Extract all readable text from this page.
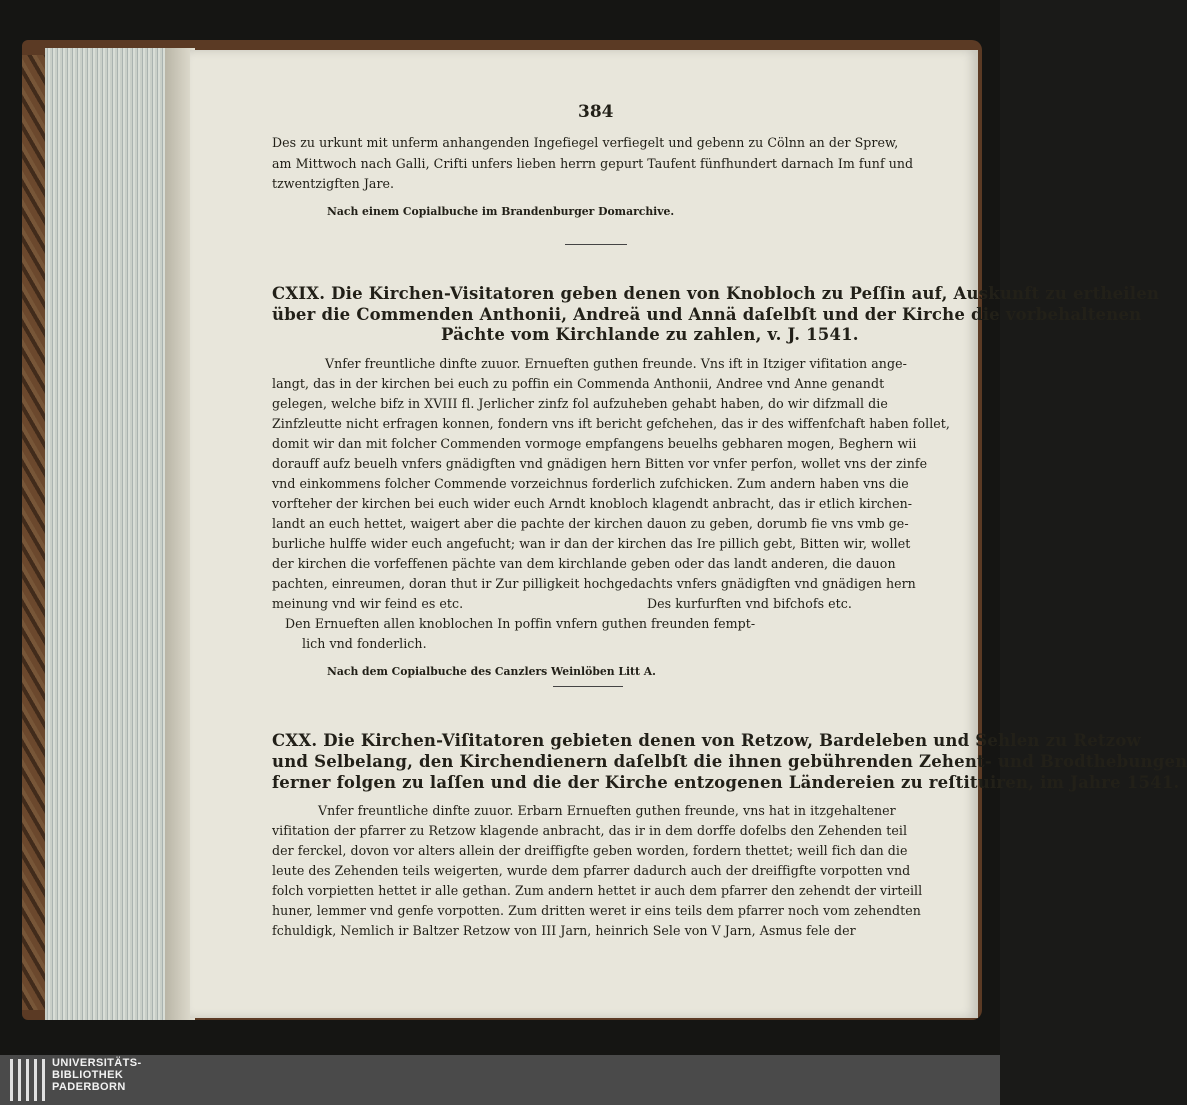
384
Des zu urkunt mit unferm anhangenden Ingefiegel verfiegelt und gebenn zu Cölnn an der Sprew,
am Mittwoch nach Galli, Crifti unfers lieben herrn gepurt Taufent fünfhundert darnach Im funf und
tzwentzigften Jare.
Nach einem Copialbuche im Brandenburger Domarchive.
CXIX. Die Kirchen-Visitatoren geben denen von Knobloch zu Peſſin auf, Auskunft zu ertheilen
über die Commenden Anthonii, Andreä und Annä daſelbſt und der Kirche die vorbehaltenen
Pächte vom Kirchlande zu zahlen, v. J. 1541.
Vnfer freuntliche dinfte zuuor. Ernueften guthen freunde. Vns ift in Itziger vifitation ange-
langt, das in der kirchen bei euch zu poffin ein Commenda Anthonii, Andree vnd Anne genandt
gelegen, welche bifz in XVIII fl. Jerlicher zinfz fol aufzuheben gehabt haben, do wir difzmall die
Zinfzleutte nicht erfragen konnen, fondern vns ift bericht gefchehen, das ir des wiffenfchaft haben follet,
domit wir dan mit folcher Commenden vormoge empfangens beuelhs gebharen mogen, Beghern wii
dorauff aufz beuelh vnfers gnädigften vnd gnädigen hern Bitten vor vnfer perfon, wollet vns der zinfe
vnd einkommens folcher Commende vorzeichnus forderlich zufchicken. Zum andern haben vns die
vorfteher der kirchen bei euch wider euch Arndt knobloch klagendt anbracht, das ir etlich kirchen-
landt an euch hettet, waigert aber die pachte der kirchen dauon zu geben, dorumb fie vns vmb ge-
burliche hulffe wider euch angefucht; wan ir dan der kirchen das Ire pillich gebt, Bitten wir, wollet
der kirchen die vorfeffenen pächte van dem kirchlande geben oder das landt anderen, die dauon
pachten, einreumen, doran thut ir Zur pilligkeit hochgedachts vnfers gnädigften vnd gnädigen hern
meinung vnd wir feind es etc.	Des kurfurften vnd bifchofs etc.
Den Ernueften allen knoblochen In poffin vnfern guthen freunden fempt-
lich vnd fonderlich.
Nach dem Copialbuche des Canzlers Weinlöben Litt A.
CXX. Die Kirchen-Viſitatoren gebieten denen von Retzow, Bardeleben und Sehlen zu Retzow
und Selbelang, den Kirchendienern daſelbſt die ihnen gebührenden Zehent- und Brodthebungen
ferner folgen zu laſſen und die der Kirche entzogenen Ländereien zu reſtituiren, im Jahre 1541.
Vnfer freuntliche dinfte zuuor. Erbarn Ernueften guthen freunde, vns hat in itzgehaltener
vifitation der pfarrer zu Retzow klagende anbracht, das ir in dem dorffe dofelbs den Zehenden teil
der ferckel, dovon vor alters allein der dreiffigfte geben worden, fordern thettet; weill fich dan die
leute des Zehenden teils weigerten, wurde dem pfarrer dadurch auch der dreiffigfte vorpotten vnd
folch vorpietten hettet ir alle gethan. Zum andern hettet ir auch dem pfarrer den zehendt der virteill
huner, lemmer vnd genfe vorpotten. Zum dritten weret ir eins teils dem pfarrer noch vom zehendten
fchuldigk, Nemlich ir Baltzer Retzow von III Jarn, heinrich Sele von V Jarn, Asmus fele der
UNIVERSITÄTS-
BIBLIOTHEK
PADERBORN
